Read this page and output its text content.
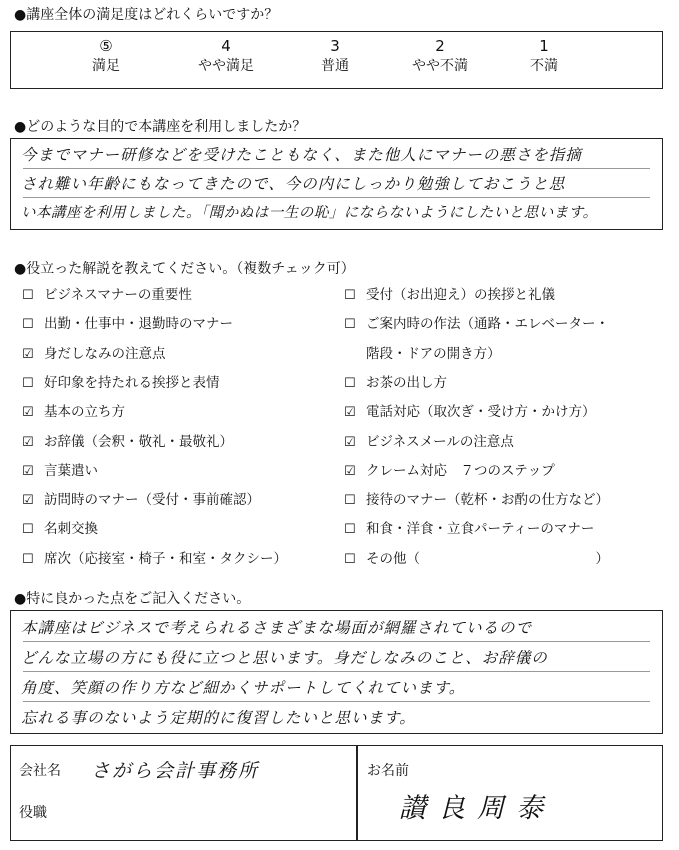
●講座全体の満足度はどれくらいですか？
⑤
満足
4
やや満足
3
普通
2
やや不満
1
不満
●どのような目的で本講座を利用しましたか？
今までマナー研修などを受けたこともなく、また他人にマナーの悪さを指摘
され難い年齢にもなってきたので、今の内にしっかり勉強しておこうと思
い本講座を利用しました。「聞かぬは一生の恥」にならないようにしたいと思います。
●役立った解説を教えてください。（複数チェック可）
☐ ビジネスマナーの重要性
☐ 出勤・仕事中・退勤時のマナー
☑ 身だしなみの注意点
☐ 好印象を持たれる挨拶と表情
☑ 基本の立ち方
☑ お辞儀（会釈・敬礼・最敬礼）
☑ 言葉遣い
☑ 訪問時のマナー（受付・事前確認）
☐ 名刺交換
☐ 席次（応接室・椅子・和室・タクシー）
☐ 受付（お出迎え）の挨拶と礼儀
☐ ご案内時の作法（通路・エレベーター・
階段・ドアの開き方）
☐ お茶の出し方
☑ 電話対応（取次ぎ・受け方・かけ方）
☑ ビジネスメールの注意点
☑ クレーム対応　７つのステップ
☐ 接待のマナー（乾杯・お酌の仕方など）
☐ 和食・洋食・立食パーティーのマナー
☐ その他（　　　　　　　　　　　　　）
●特に良かった点をご記入ください。
本講座はビジネスで考えられるさまざまな場面が網羅されているので
どんな立場の方にも役に立つと思います。身だしなみのこと、お辞儀の
角度、笑顔の作り方など細かくサポートしてくれています。
忘れる事のないよう定期的に復習したいと思います。
会社名 さがら会計事務所
役職
お名前
讃良周泰
